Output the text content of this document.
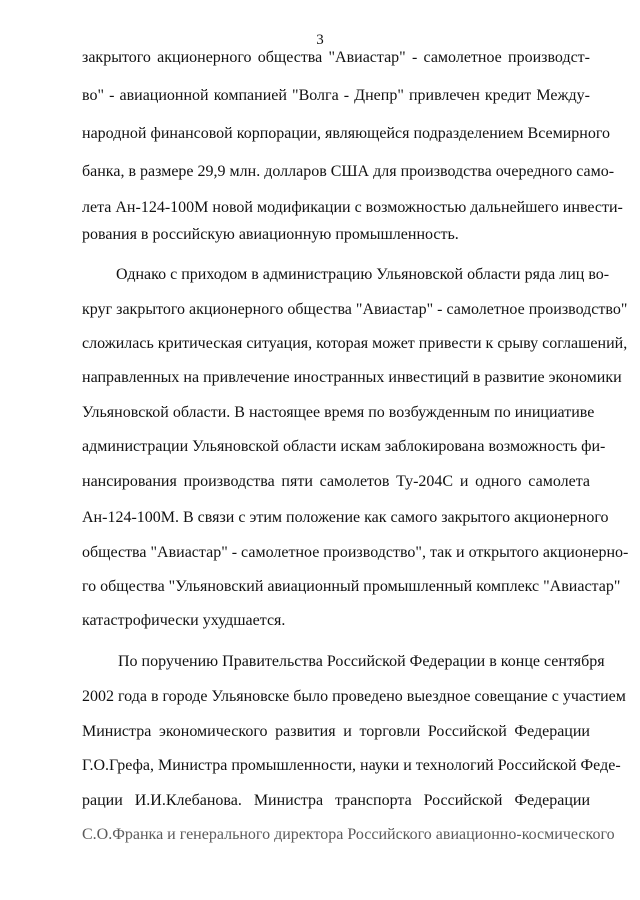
3
закрытого акционерного общества "Авиастар" - самолетное производст-
во" - авиационной компанией "Волга - Днепр" привлечен кредит Между-
народной финансовой корпорации, являющейся подразделением Всемирного
банка, в размере 29,9 млн. долларов США для производства очередного само-
лета Ан-124-100М новой модификации с возможностью дальнейшего инвести-
рования в российскую авиационную промышленность.
Однако с приходом в администрацию Ульяновской области ряда лиц во-
круг закрытого акционерного общества "Авиастар" - самолетное производство"
сложилась критическая ситуация, которая может привести к срыву соглашений,
направленных на привлечение иностранных инвестиций в развитие экономики
Ульяновской области. В настоящее время по возбужденным по инициативе
администрации Ульяновской области искам заблокирована возможность фи-
нансирования производства пяти самолетов Ту-204С и одного самолета
Ан-124-100М. В связи с этим положение как самого закрытого акционерного
общества "Авиастар" - самолетное производство", так и открытого акционерно-
го общества "Ульяновский авиационный промышленный комплекс "Авиастар"
катастрофически ухудшается.
По поручению Правительства Российской Федерации в конце сентября
2002 года в городе Ульяновске было проведено выездное совещание с участием
Министра экономического развития и торговли Российской Федерации
Г.О.Грефа, Министра промышленности, науки и технологий Российской Феде-
рации И.И.Клебанова. Министра транспорта Российской Федерации
С.О.Франка и генерального директора Российского авиационно-космического
